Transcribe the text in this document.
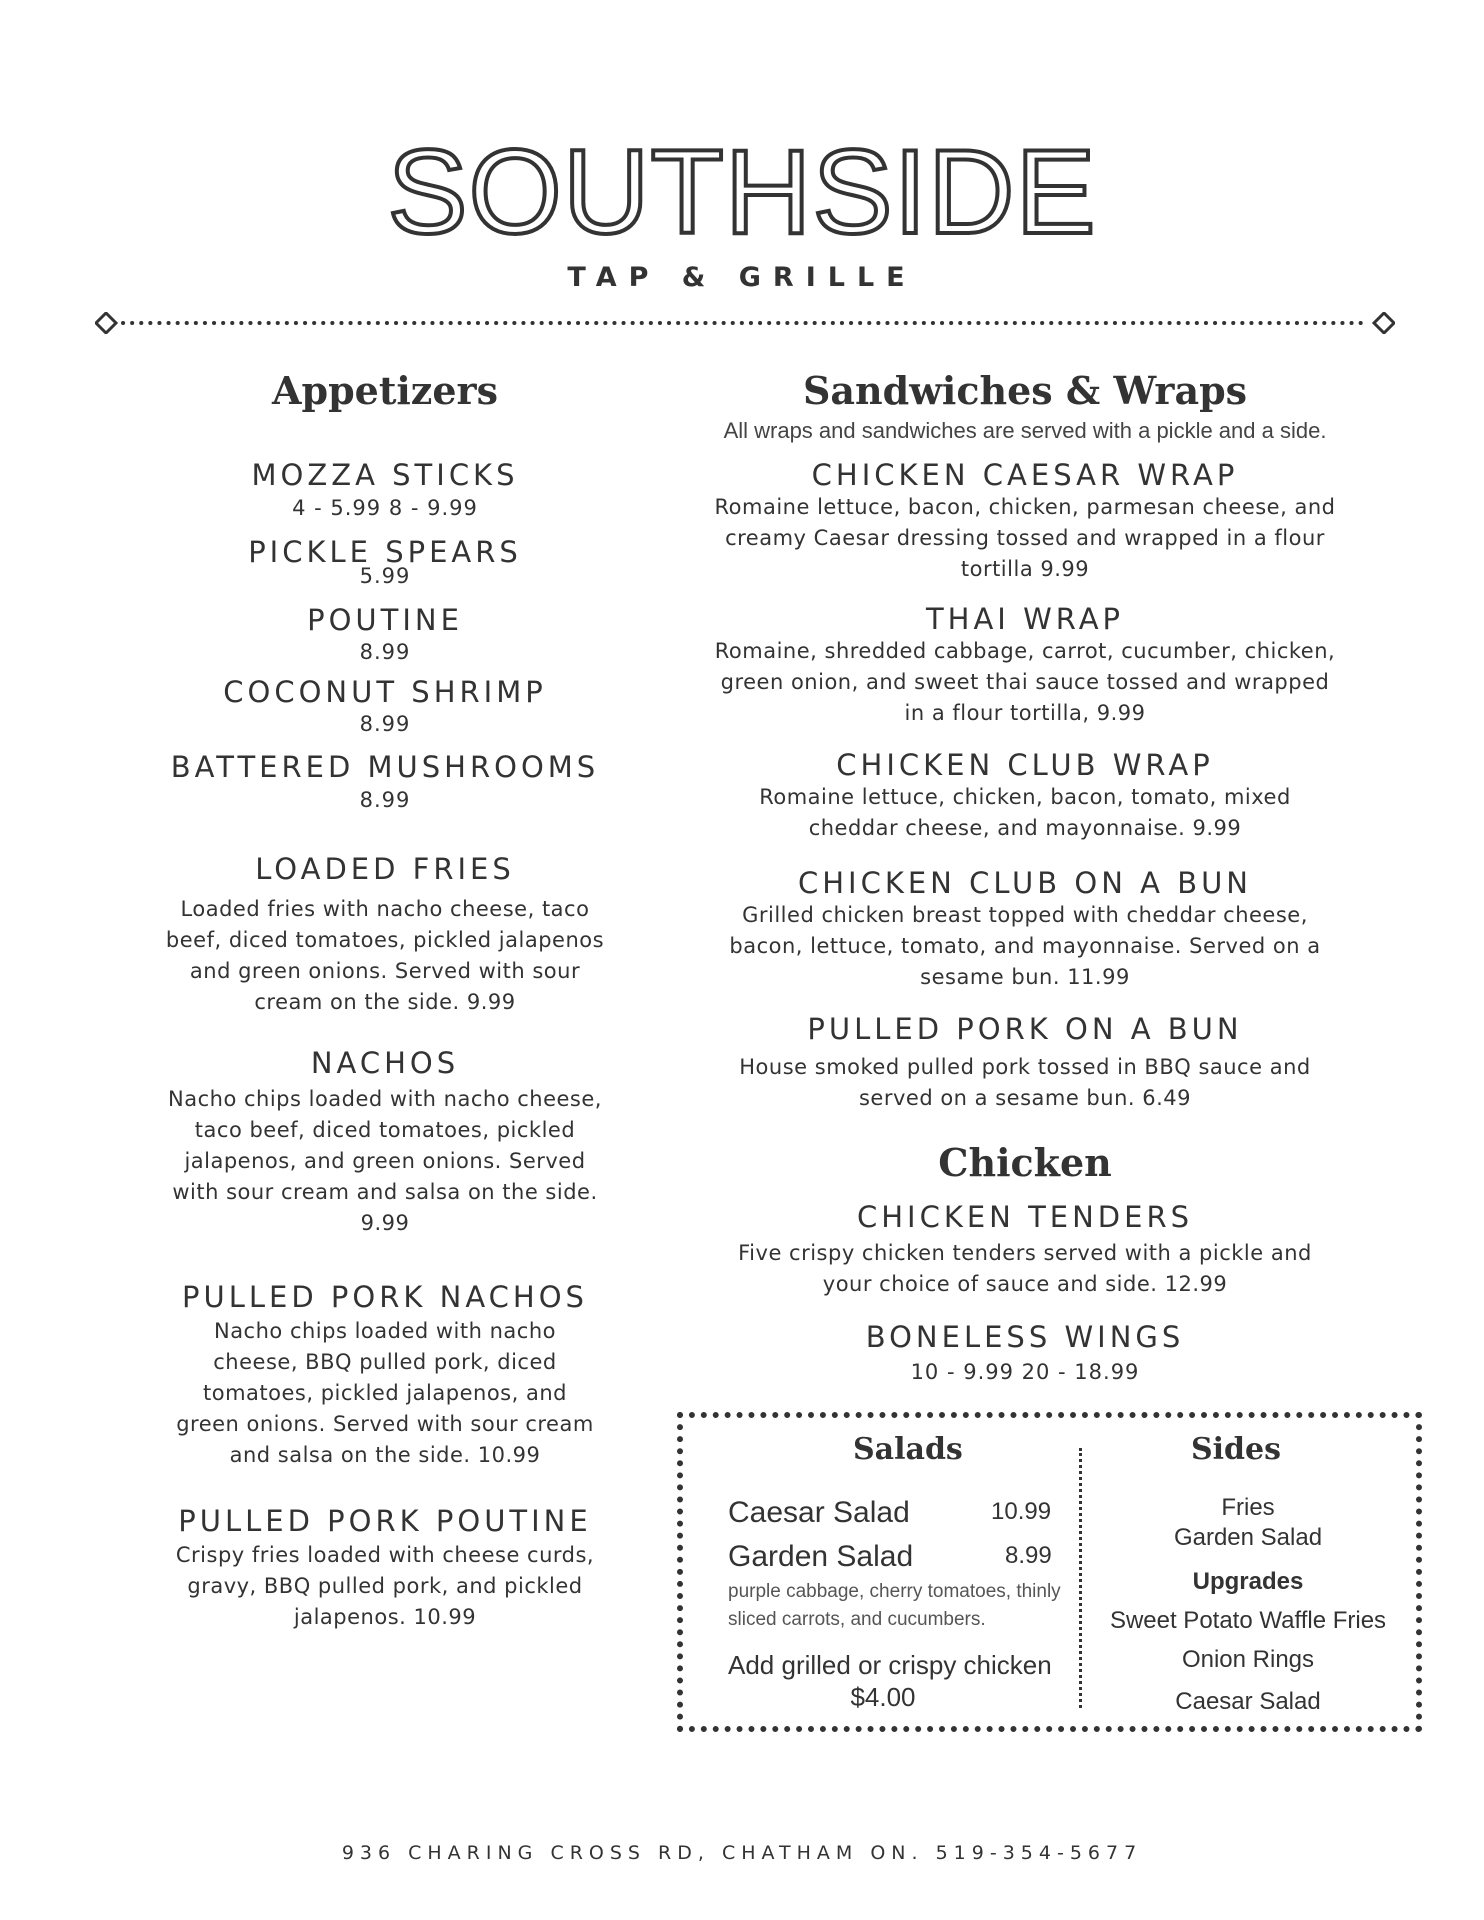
SOUTHSIDE
TAP & GRILLE
Appetizers
MOZZA STICKS
4 - 5.99 8 - 9.99
PICKLE SPEARS
5.99
POUTINE
8.99
COCONUT SHRIMP
8.99
BATTERED MUSHROOMS
8.99
LOADED FRIES
Loaded fries with nacho cheese, taco beef, diced tomatoes, pickled jalapenos and green onions. Served with sour cream on the side. 9.99
NACHOS
Nacho chips loaded with nacho cheese, taco beef, diced tomatoes, pickled jalapenos, and green onions. Served with sour cream and salsa on the side. 9.99
PULLED PORK NACHOS
Nacho chips loaded with nacho cheese, BBQ pulled pork, diced tomatoes, pickled jalapenos, and green onions. Served with sour cream and salsa on the side. 10.99
PULLED PORK POUTINE
Crispy fries loaded with cheese curds, gravy, BBQ pulled pork, and pickled jalapenos. 10.99
Sandwiches & Wraps
All wraps and sandwiches are served with a pickle and a side.
CHICKEN CAESAR WRAP
Romaine lettuce, bacon, chicken, parmesan cheese, and creamy Caesar dressing tossed and wrapped in a flour tortilla 9.99
THAI WRAP
Romaine, shredded cabbage, carrot, cucumber, chicken, green onion, and sweet thai sauce tossed and wrapped in a flour tortilla, 9.99
CHICKEN CLUB WRAP
Romaine lettuce, chicken, bacon, tomato, mixed cheddar cheese, and mayonnaise. 9.99
CHICKEN CLUB ON A BUN
Grilled chicken breast topped with cheddar cheese, bacon, lettuce, tomato, and mayonnaise. Served on a sesame bun. 11.99
PULLED PORK ON A BUN
House smoked pulled pork tossed in BBQ sauce and served on a sesame bun. 6.49
Chicken
CHICKEN TENDERS
Five crispy chicken tenders served with a pickle and your choice of sauce and side. 12.99
BONELESS WINGS
10 - 9.99 20 - 18.99
Salads
Caesar Salad	10.99
Garden Salad	8.99
purple cabbage, cherry tomatoes, thinly sliced carrots, and cucumbers.
Add grilled or crispy chicken
$4.00
Sides
Fries
Garden Salad
Upgrades
Sweet Potato Waffle Fries
Onion Rings
Caesar Salad
936 CHARING CROSS RD, CHATHAM ON. 519-354-5677
